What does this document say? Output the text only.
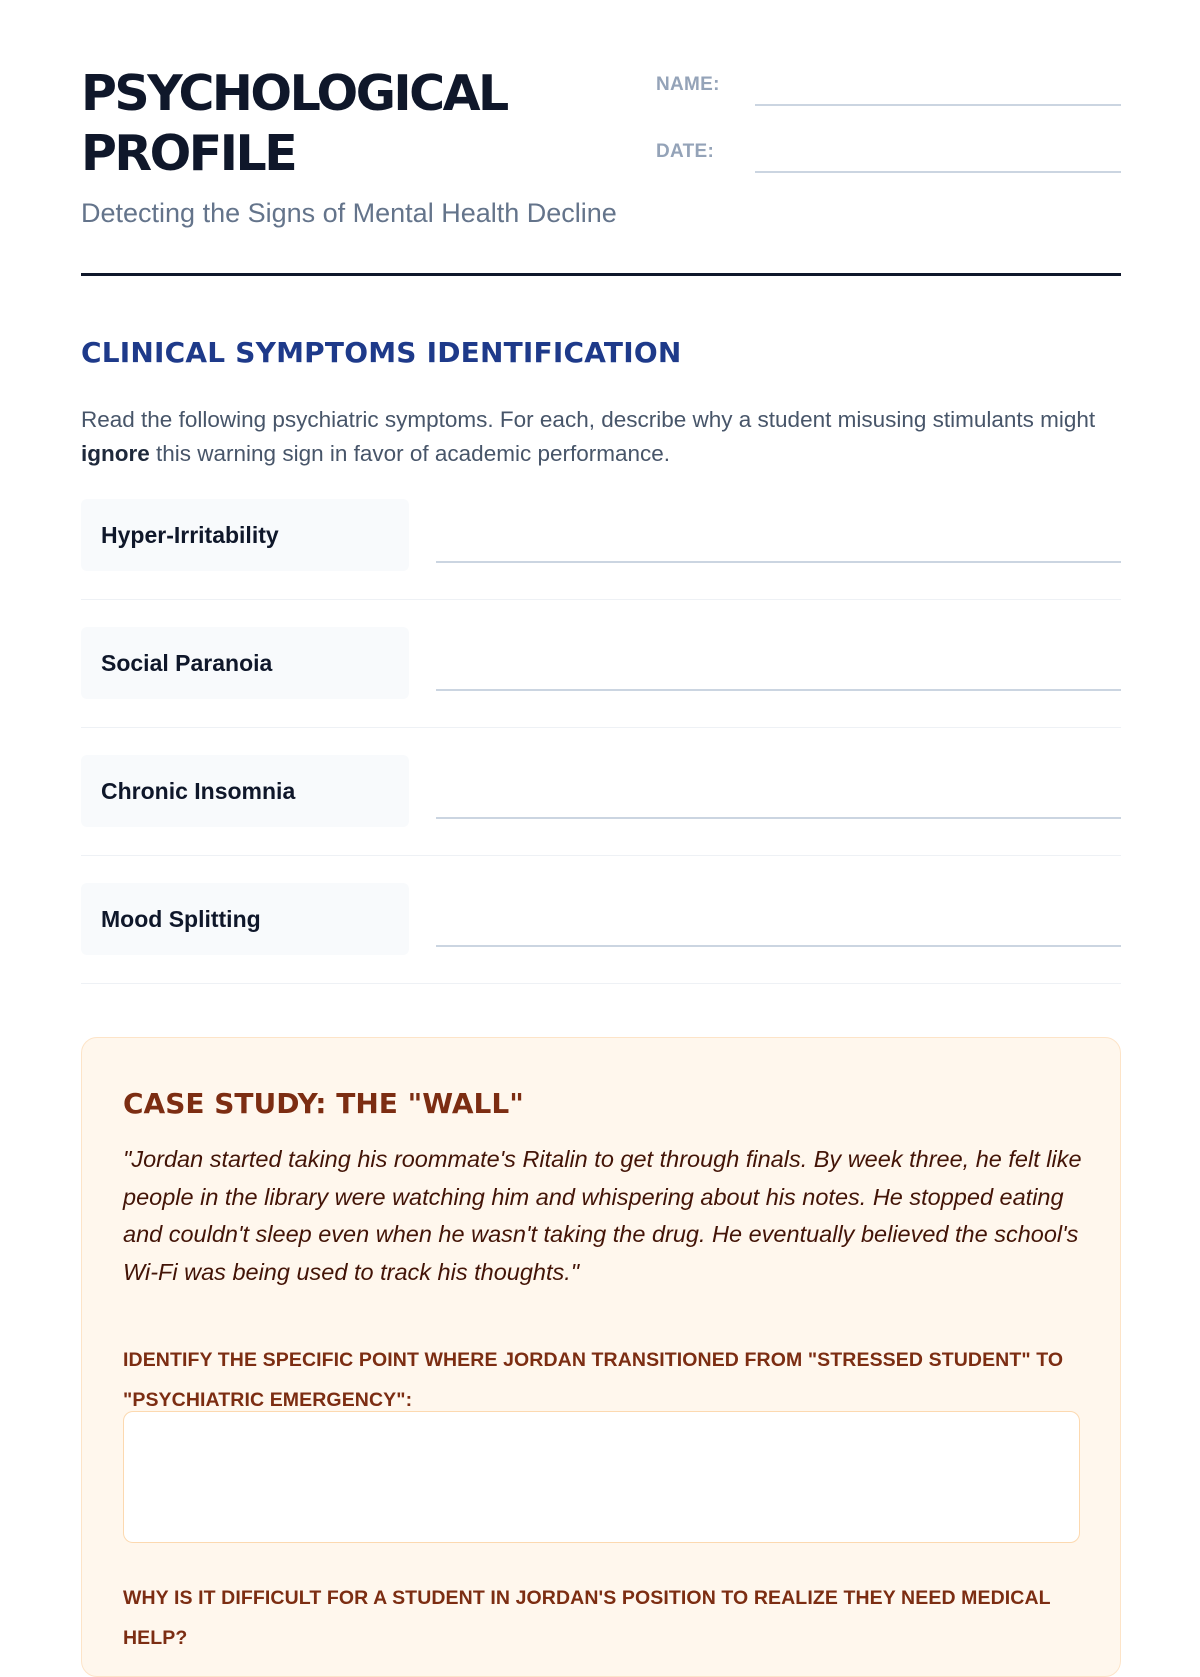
PSYCHOLOGICAL PROFILE
Detecting the Signs of Mental Health Decline
NAME:
DATE:
CLINICAL SYMPTOMS IDENTIFICATION

Read the following psychiatric symptoms. For each, describe why a student misusing stimulants might ignore this warning sign in favor of academic performance.

Hyper-Irritability
Social Paranoia
Chronic Insomnia
Mood Splitting
CASE STUDY: THE "WALL"

"Jordan started taking his roommate's Ritalin to get through finals. By week three, he felt like people in the library were watching him and whispering about his notes. He stopped eating and couldn't sleep even when he wasn't taking the drug. He eventually believed the school's Wi-Fi was being used to track his thoughts."

IDENTIFY THE SPECIFIC POINT WHERE JORDAN TRANSITIONED FROM "STRESSED STUDENT" TO "PSYCHIATRIC EMERGENCY":

WHY IS IT DIFFICULT FOR A STUDENT IN JORDAN'S POSITION TO REALIZE THEY NEED MEDICAL HELP?
